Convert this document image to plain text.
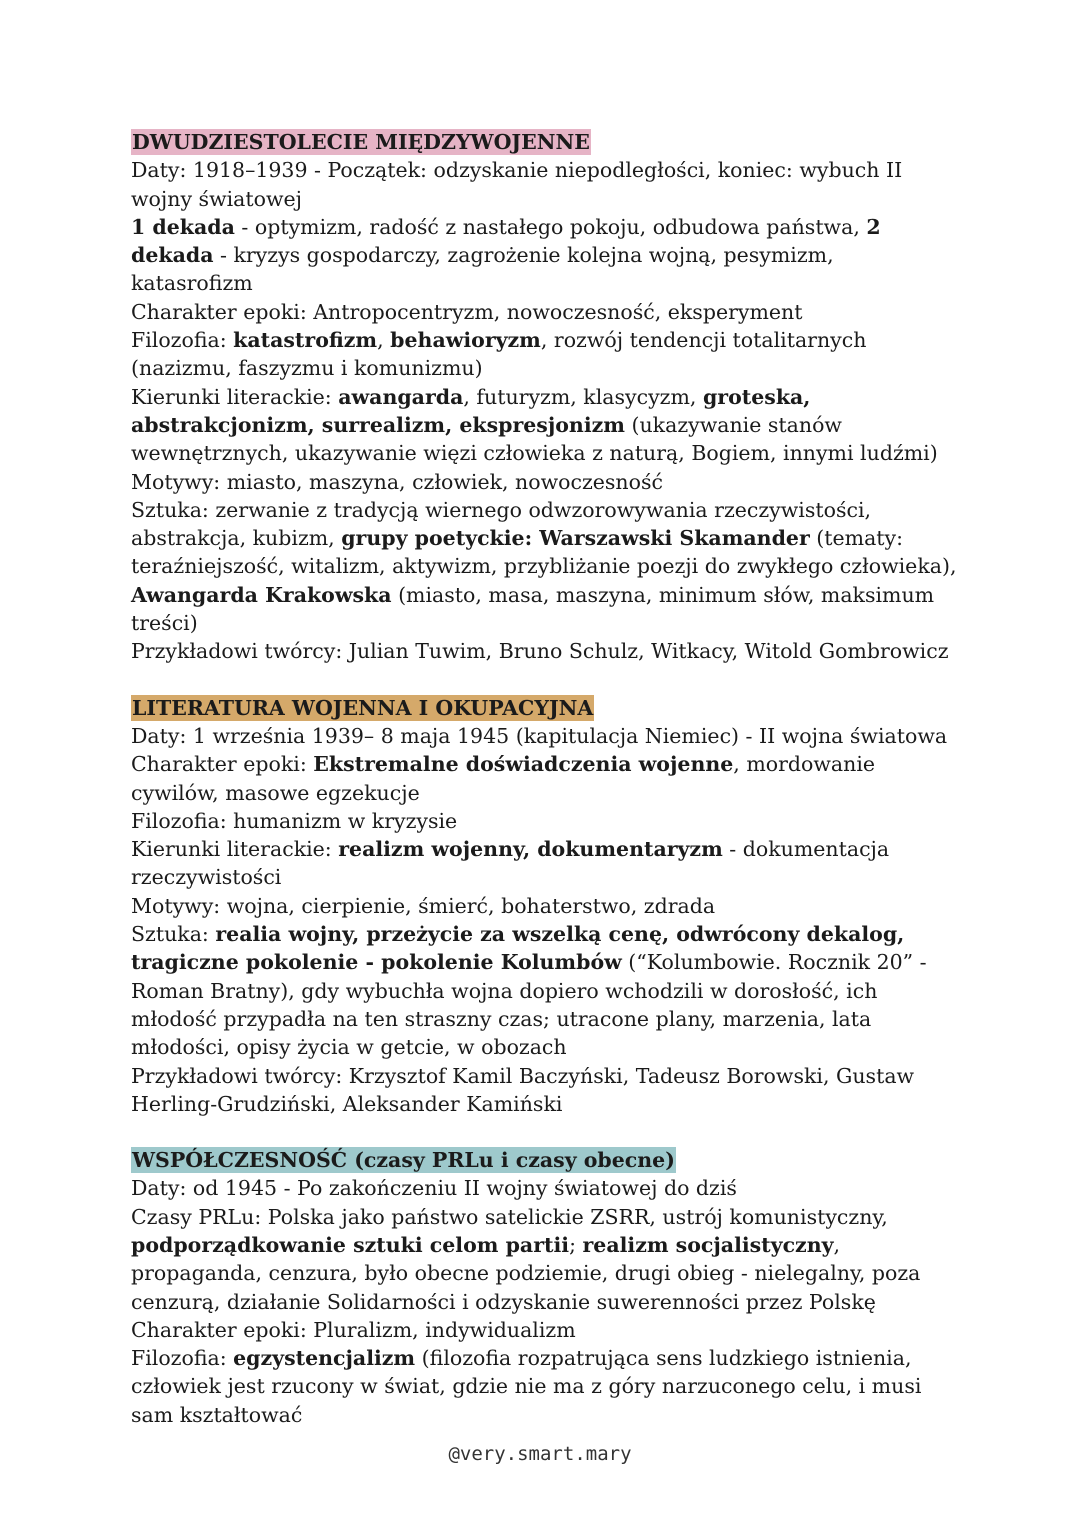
DWUDZIESTOLECIE MIĘDZYWOJENNE
Daty: 1918–1939 - Początek: odzyskanie niepodległości, koniec: wybuch II wojny światowej
1 dekada - optymizm, radość z nastałego pokoju, odbudowa państwa, 2 dekada - kryzys gospodarczy, zagrożenie kolejna wojną, pesymizm, katasrofizm
Charakter epoki: Antropocentryzm, nowoczesność, eksperyment
Filozofia: katastrofizm, behawioryzm, rozwój tendencji totalitarnych (nazizmu, faszyzmu i komunizmu)
Kierunki literackie: awangarda, futuryzm, klasycyzm, groteska, abstrakcjonizm, surrealizm, ekspresjonizm (ukazywanie stanów wewnętrznych, ukazywanie więzi człowieka z naturą, Bogiem, innymi ludźmi)
Motywy: miasto, maszyna, człowiek, nowoczesność
Sztuka: zerwanie z tradycją wiernego odwzorowywania rzeczywistości, abstrakcja, kubizm, grupy poetyckie: Warszawski Skamander (tematy: teraźniejszość, witalizm, aktywizm, przybliżanie poezji do zwykłego człowieka), Awangarda Krakowska (miasto, masa, maszyna, minimum słów, maksimum treści)
Przykładowi twórcy: Julian Tuwim, Bruno Schulz, Witkacy, Witold Gombrowicz
LITERATURA WOJENNA I OKUPACYJNA
Daty: 1 września 1939– 8 maja 1945 (kapitulacja Niemiec) - II wojna światowa
Charakter epoki: Ekstremalne doświadczenia wojenne, mordowanie cywilów, masowe egzekucje
Filozofia: humanizm w kryzysie
Kierunki literackie: realizm wojenny, dokumentaryzm - dokumentacja rzeczywistości
Motywy: wojna, cierpienie, śmierć, bohaterstwo, zdrada
Sztuka: realia wojny, przeżycie za wszelką cenę, odwrócony dekalog, tragiczne pokolenie - pokolenie Kolumbów (“Kolumbowie. Rocznik 20” - Roman Bratny), gdy wybuchła wojna dopiero wchodzili w dorosłość, ich młodość przypadła na ten straszny czas; utracone plany, marzenia, lata młodości, opisy życia w getcie, w obozach
Przykładowi twórcy: Krzysztof Kamil Baczyński, Tadeusz Borowski, Gustaw Herling-Grudziński, Aleksander Kamiński
WSPÓŁCZESNOŚĆ (czasy PRLu i czasy obecne)
Daty: od 1945 - Po zakończeniu II wojny światowej do dziś
Czasy PRLu: Polska jako państwo satelickie ZSRR, ustrój komunistyczny, podporządkowanie sztuki celom partii; realizm socjalistyczny, propaganda, cenzura, było obecne podziemie, drugi obieg - nielegalny, poza cenzurą, działanie Solidarności i odzyskanie suwerenności przez Polskę
Charakter epoki: Pluralizm, indywidualizm
Filozofia: egzystencjalizm (filozofia rozpatrująca sens ludzkiego istnienia, człowiek jest rzucony w świat, gdzie nie ma z góry narzuconego celu, i musi sam kształtować
@very.smart.mary
